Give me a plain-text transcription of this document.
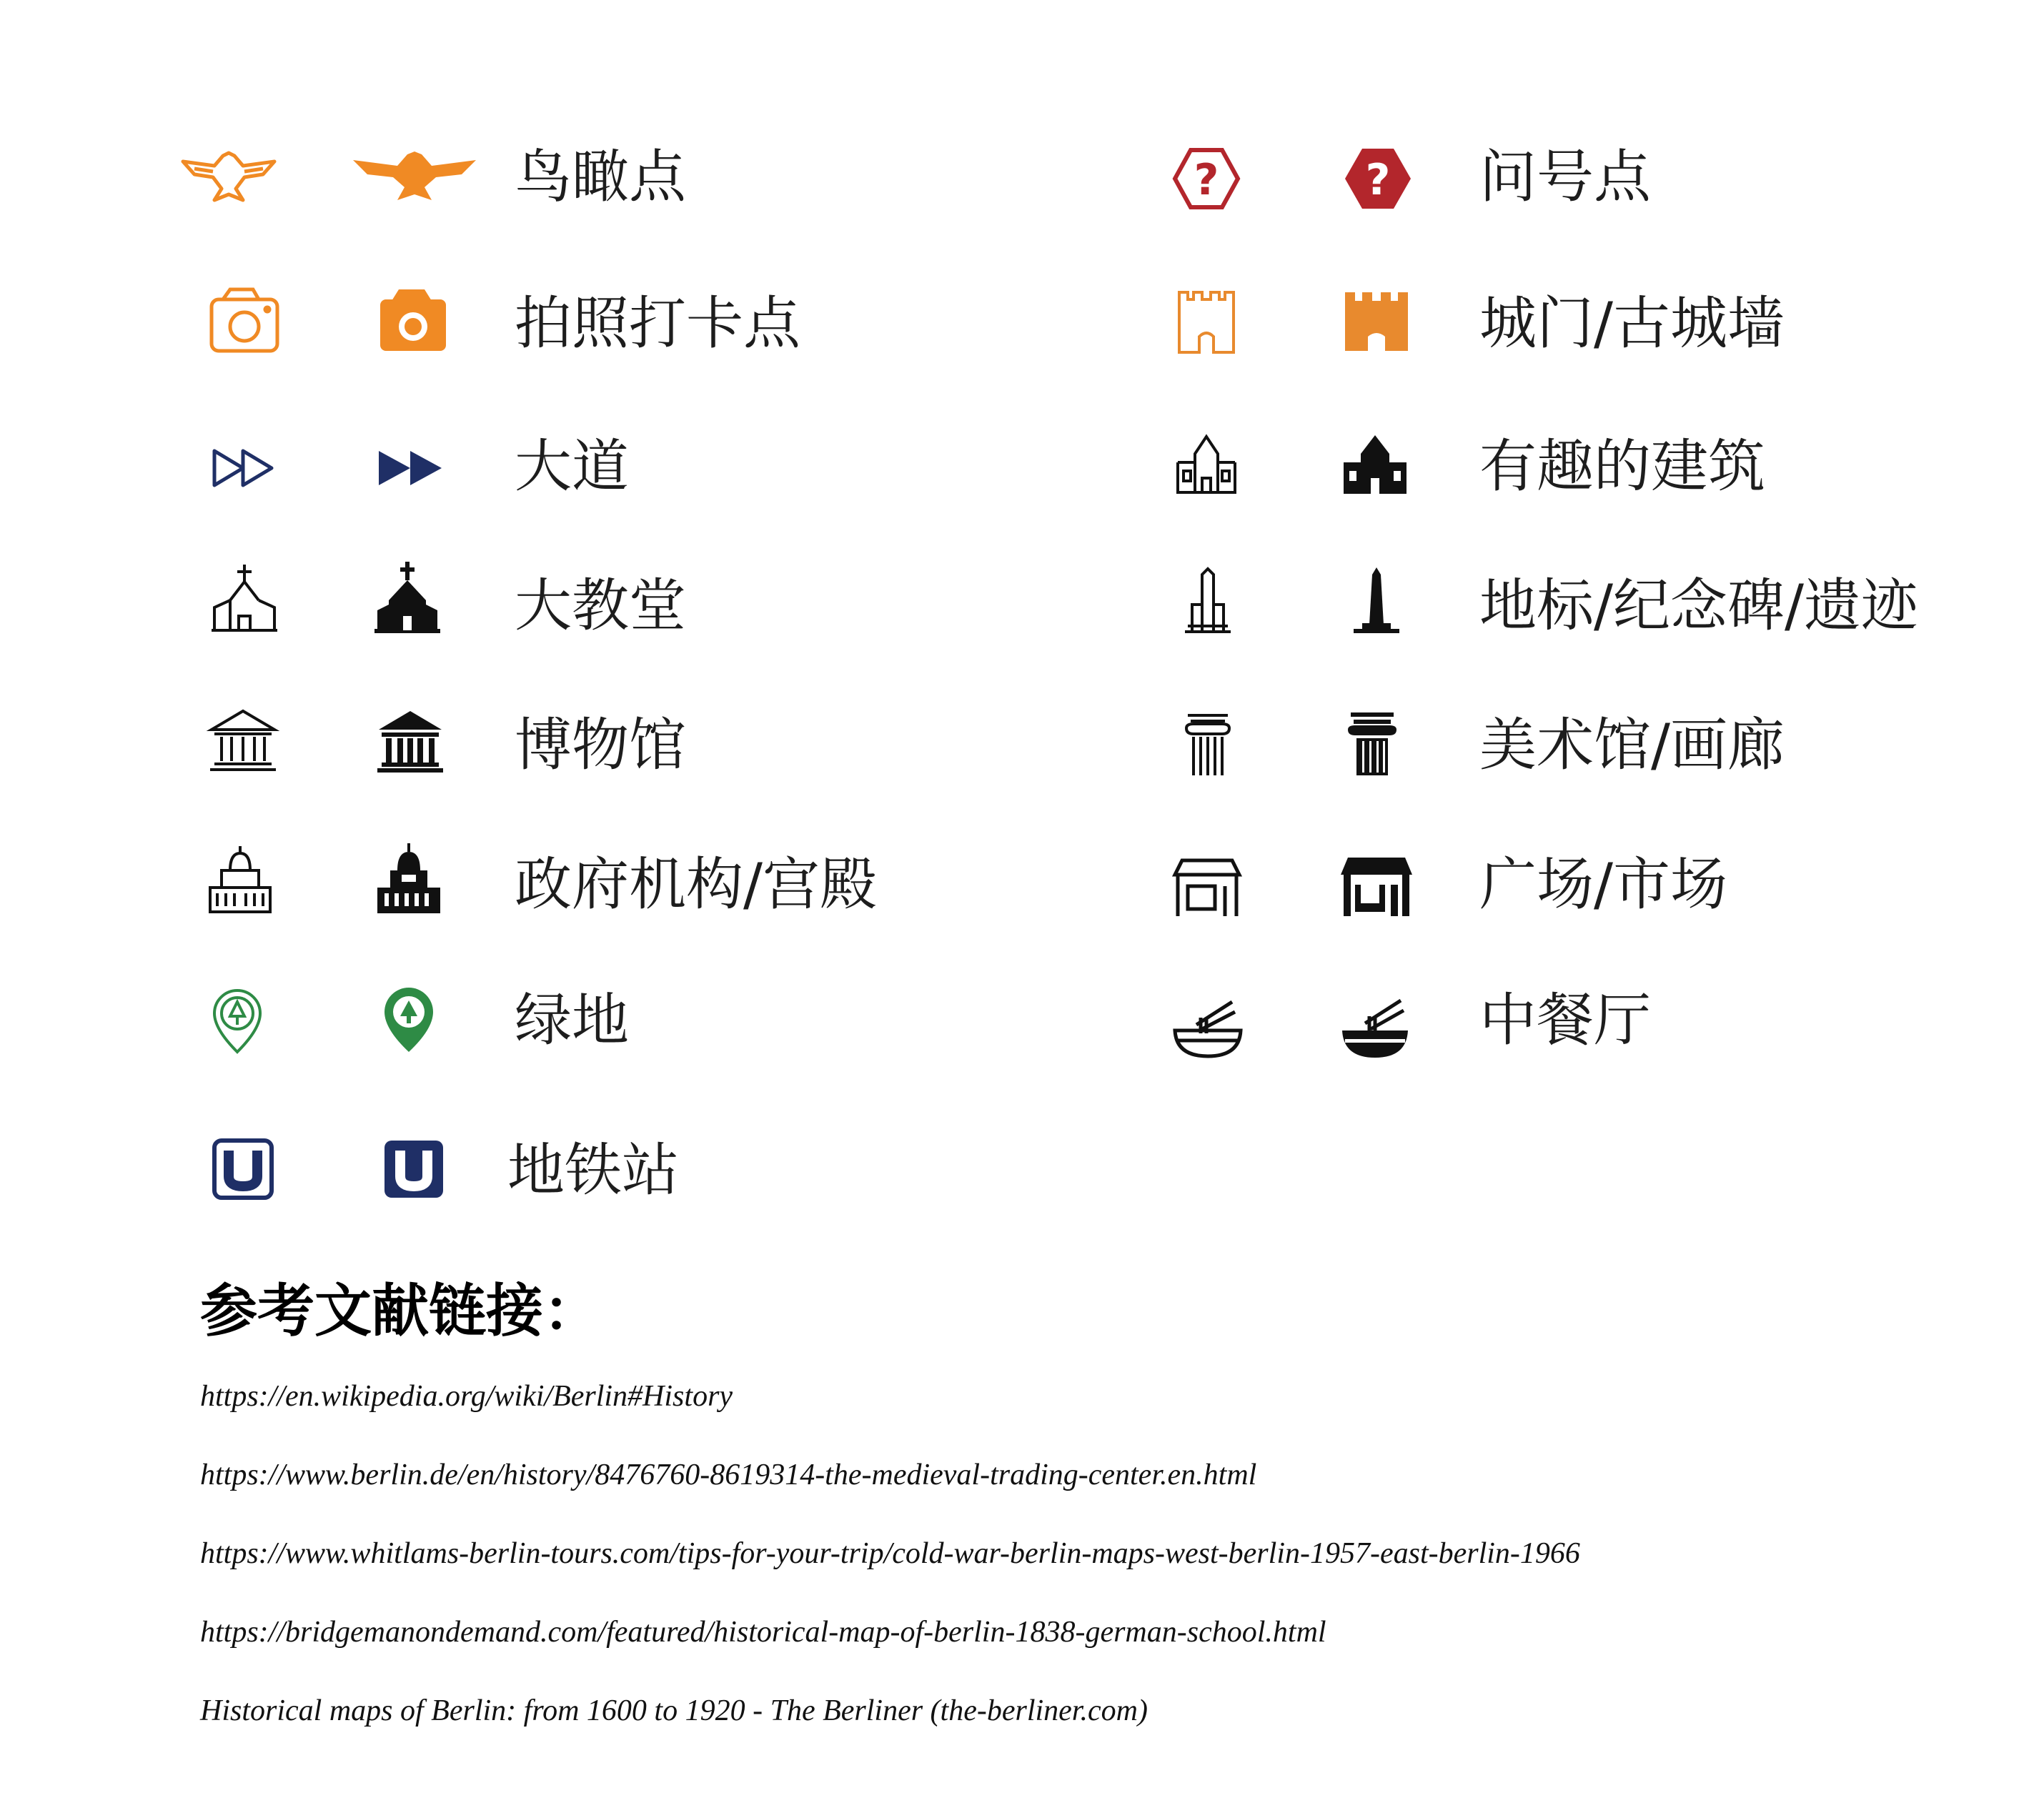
鸟瞰点
拍照打卡点
大道
大教堂
博物馆
政府机构/宫殿
绿地
地铁站
?	? 问号点
城门/古城墙
有趣的建筑
地标/纪念碑/遗迹
美术馆/画廊
广场/市场
中餐厅
参考文献链接：
https://en.wikipedia.org/wiki/Berlin#History
https://www.berlin.de/en/history/8476760-8619314-the-medieval-trading-center.en.html
https://www.whitlams-berlin-tours.com/tips-for-your-trip/cold-war-berlin-maps-west-berlin-1957-east-berlin-1966
https://bridgemanondemand.com/featured/historical-map-of-berlin-1838-german-school.html
Historical maps of Berlin: from 1600 to 1920 - The Berliner (the-berliner.com)
